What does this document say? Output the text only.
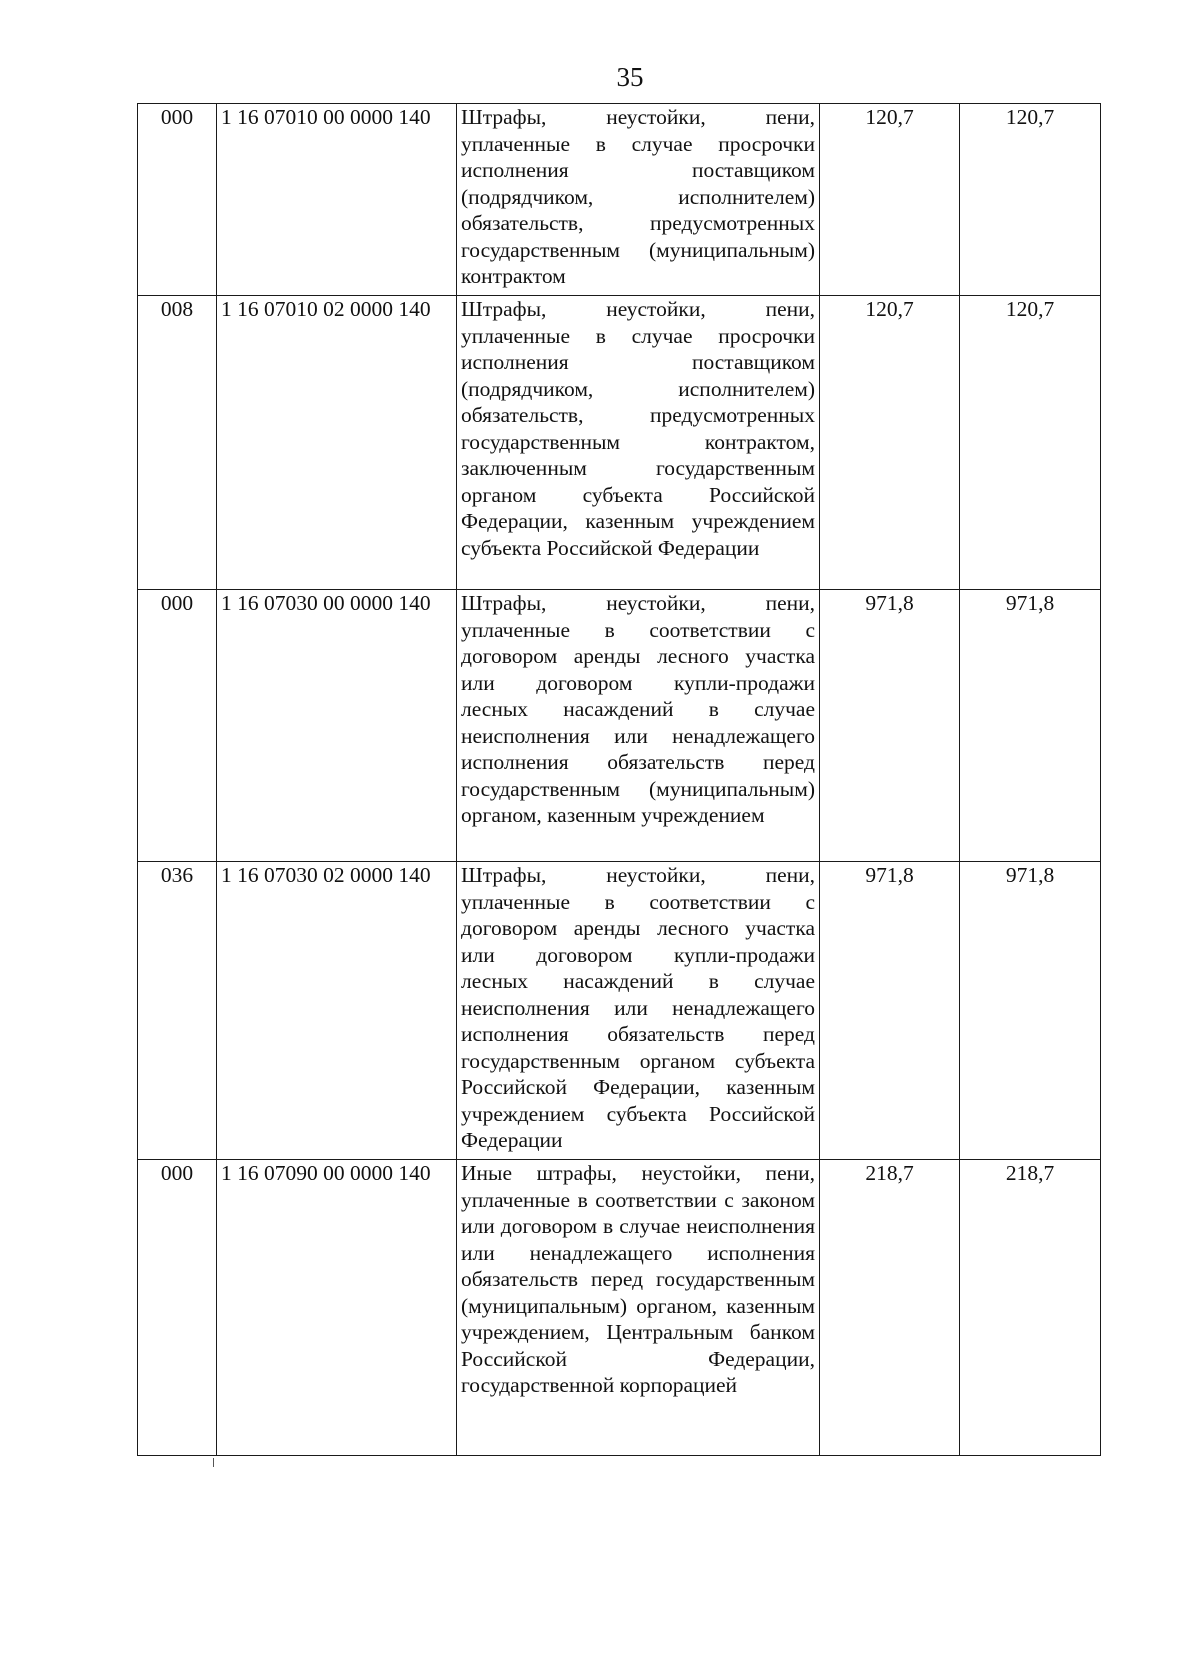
35
000	1 16 07010 00 0000 140	Штрафы, неустойки, пени, уплаченные в случае просрочки исполнения поставщиком (подрядчиком, исполнителем) обязательств, предусмотренных государственным (муниципальным) контрактом	120,7	120,7
008	1 16 07010 02 0000 140	Штрафы, неустойки, пени, уплаченные в случае просрочки исполнения поставщиком (подрядчиком, исполнителем) обязательств, предусмотренных государственным контрактом, заключенным государственным органом субъекта Российской Федерации, казенным учреждением субъекта Российской Федерации	120,7	120,7
000	1 16 07030 00 0000 140	Штрафы, неустойки, пени, уплаченные в соответствии с договором аренды лесного участка или договором купли-продажи лесных насаждений в случае неисполнения или ненадлежащего исполнения обязательств перед государственным (муниципальным) органом, казенным учреждением	971,8	971,8
036	1 16 07030 02 0000 140	Штрафы, неустойки, пени, уплаченные в соответствии с договором аренды лесного участка или договором купли-продажи лесных насаждений в случае неисполнения или ненадлежащего исполнения обязательств перед государственным органом субъекта Российской Федерации, казенным учреждением субъекта Российской Федерации	971,8	971,8
000	1 16 07090 00 0000 140	Иные штрафы, неустойки, пени, уплаченные в соответствии с законом или договором в случае неисполнения или ненадлежащего исполнения обязательств перед государственным (муниципальным) органом, казенным учреждением, Центральным банком Российской Федерации, государственной корпорацией	218,7	218,7
